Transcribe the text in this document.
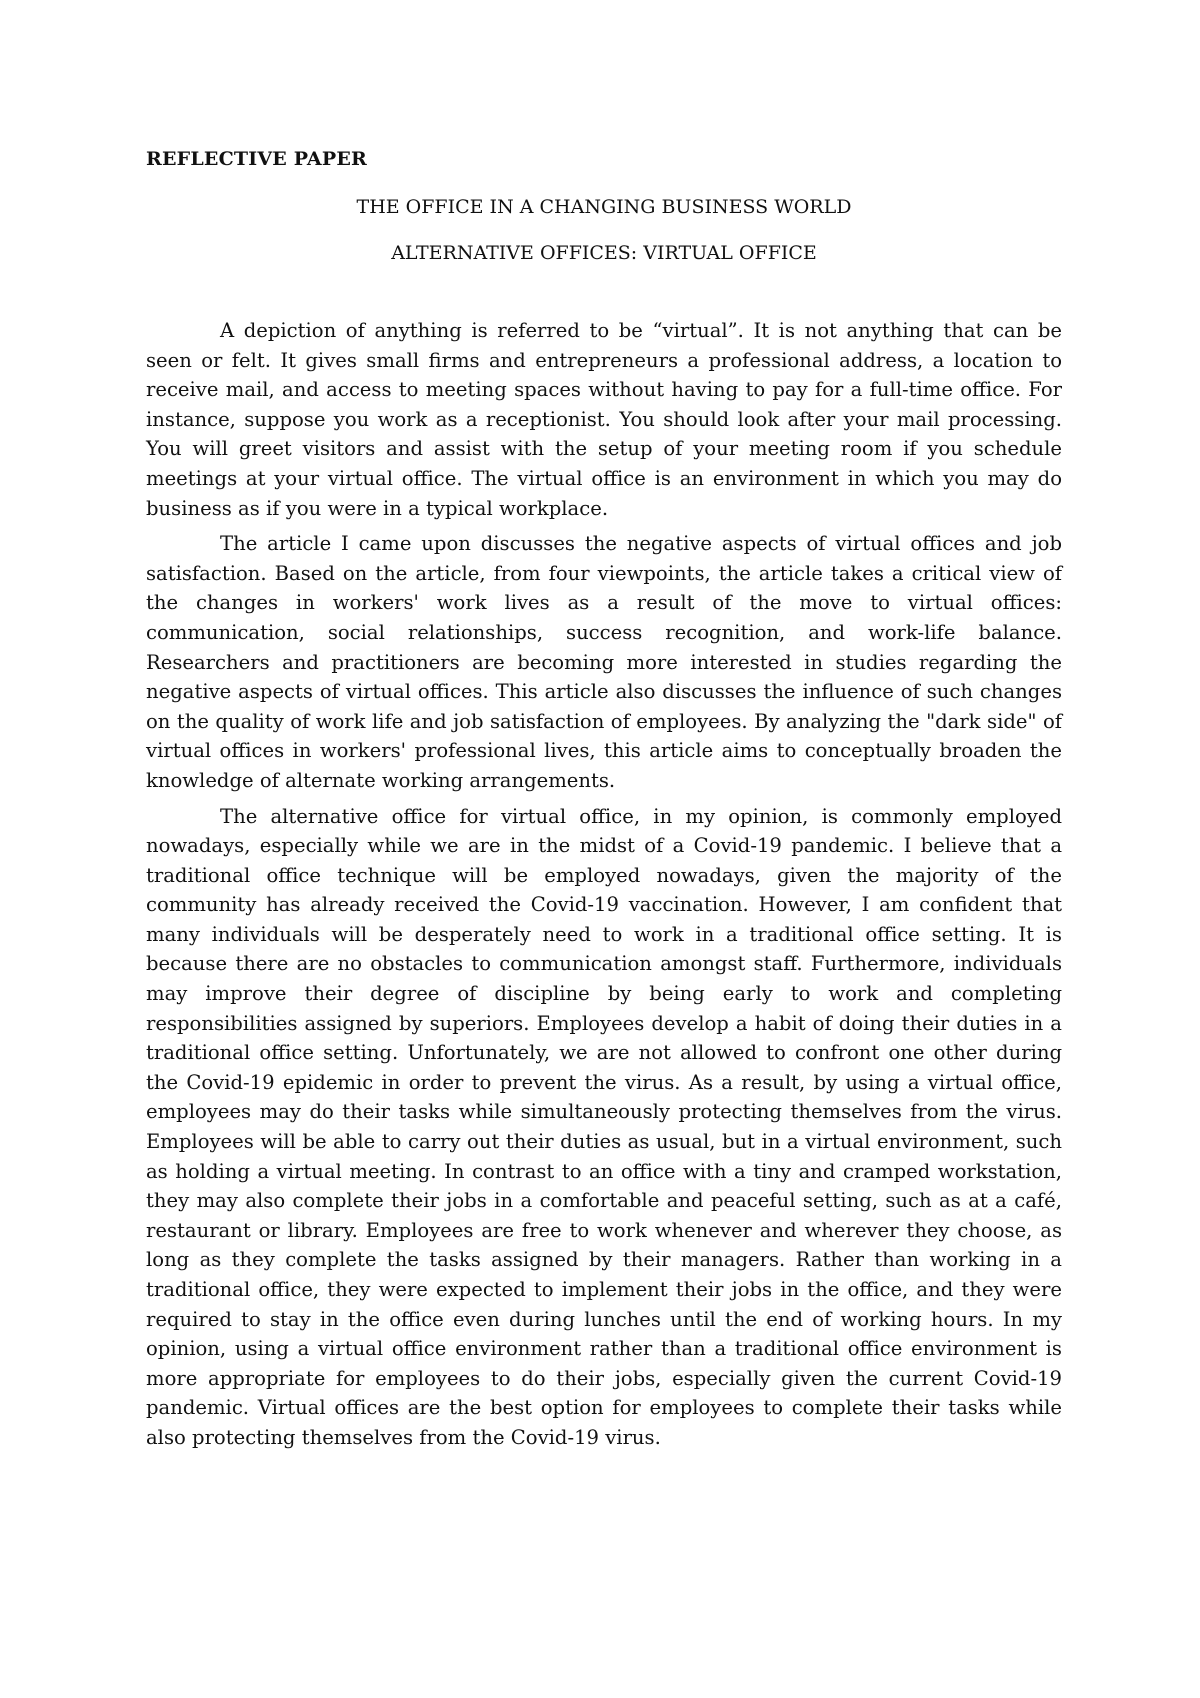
REFLECTIVE PAPER
THE OFFICE IN A CHANGING BUSINESS WORLD
ALTERNATIVE OFFICES: VIRTUAL OFFICE

A depiction of anything is referred to be “virtual”. It is not anything that can be seen or felt. It gives small firms and entrepreneurs a professional address, a location to receive mail, and access to meeting spaces without having to pay for a full-time office. For instance, suppose you work as a receptionist. You should look after your mail processing. You will greet visitors and assist with the setup of your meeting room if you schedule meetings at your virtual office. The virtual office is an environment in which you may do business as if you were in a typical workplace.

The article I came upon discusses the negative aspects of virtual offices and job satisfaction. Based on the article, from four viewpoints, the article takes a critical view of the changes in workers' work lives as a result of the move to virtual offices: communication, social relationships, success recognition, and work-life balance. Researchers and practitioners are becoming more interested in studies regarding the negative aspects of virtual offices. This article also discusses the influence of such changes on the quality of work life and job satisfaction of employees. By analyzing the "dark side" of virtual offices in workers' professional lives, this article aims to conceptually broaden the knowledge of alternate working arrangements.

The alternative office for virtual office, in my opinion, is commonly employed nowadays, especially while we are in the midst of a Covid-19 pandemic. I believe that a traditional office technique will be employed nowadays, given the majority of the community has already received the Covid-19 vaccination. However, I am confident that many individuals will be desperately need to work in a traditional office setting. It is because there are no obstacles to communication amongst staff. Furthermore, individuals may improve their degree of discipline by being early to work and completing responsibilities assigned by superiors. Employees develop a habit of doing their duties in a traditional office setting. Unfortunately, we are not allowed to confront one other during the Covid-19 epidemic in order to prevent the virus. As a result, by using a virtual office, employees may do their tasks while simultaneously protecting themselves from the virus. Employees will be able to carry out their duties as usual, but in a virtual environment, such as holding a virtual meeting. In contrast to an office with a tiny and cramped workstation, they may also complete their jobs in a comfortable and peaceful setting, such as at a café, restaurant or library. Employees are free to work whenever and wherever they choose, as long as they complete the tasks assigned by their managers. Rather than working in a traditional office, they were expected to implement their jobs in the office, and they were required to stay in the office even during lunches until the end of working hours. In my opinion, using a virtual office environment rather than a traditional office environment is more appropriate for employees to do their jobs, especially given the current Covid-19 pandemic. Virtual offices are the best option for employees to complete their tasks while also protecting themselves from the Covid-19 virus.
